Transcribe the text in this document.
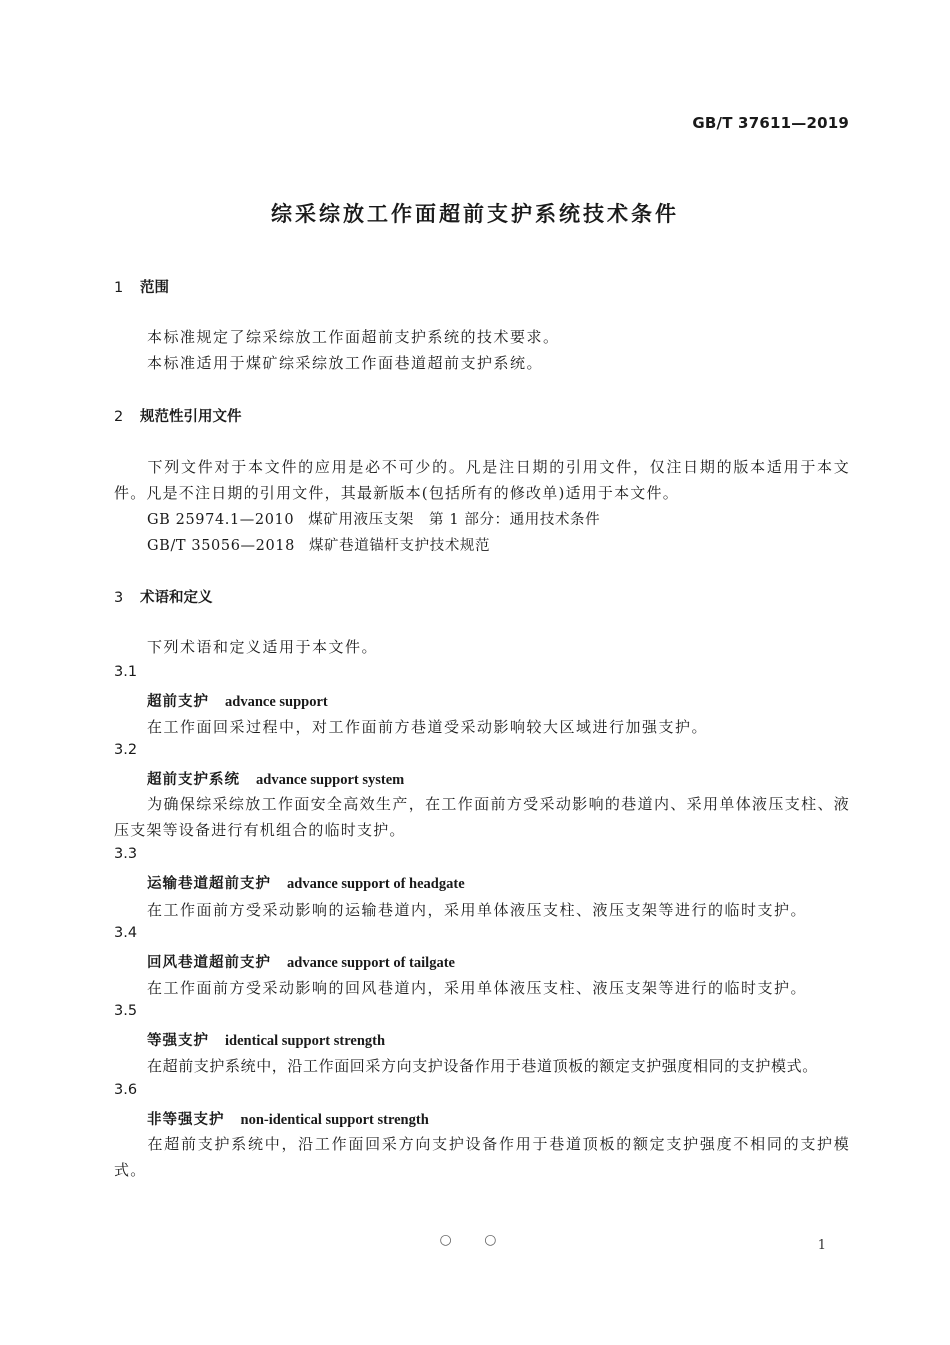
GB/T 37611—2019
综采综放工作面超前支护系统技术条件
1 范围
本标准规定了综采综放工作面超前支护系统的技术要求。
本标准适用于煤矿综采综放工作面巷道超前支护系统。
2 规范性引用文件
下列文件对于本文件的应用是必不可少的。凡是注日期的引用文件，仅注日期的版本适用于本文件。凡是不注日期的引用文件，其最新版本(包括所有的修改单)适用于本文件。
GB 25974.1—2010 煤矿用液压支架　第 1 部分：通用技术条件
GB/T 35056—2018 煤矿巷道锚杆支护技术规范
3 术语和定义
下列术语和定义适用于本文件。
3.1
超前支护 advance support
在工作面回采过程中，对工作面前方巷道受采动影响较大区域进行加强支护。
3.2
超前支护系统 advance support system
为确保综采综放工作面安全高效生产，在工作面前方受采动影响的巷道内、采用单体液压支柱、液压支架等设备进行有机组合的临时支护。
3.3
运输巷道超前支护 advance support of headgate
在工作面前方受采动影响的运输巷道内，采用单体液压支柱、液压支架等进行的临时支护。
3.4
回风巷道超前支护 advance support of tailgate
在工作面前方受采动影响的回风巷道内，采用单体液压支柱、液压支架等进行的临时支护。
3.5
等强支护 identical support strength
在超前支护系统中，沿工作面回采方向支护设备作用于巷道顶板的额定支护强度相同的支护模式。
3.6
非等强支护 non-identical support strength
在超前支护系统中，沿工作面回采方向支护设备作用于巷道顶板的额定支护强度不相同的支护模式。
○ ○	1
